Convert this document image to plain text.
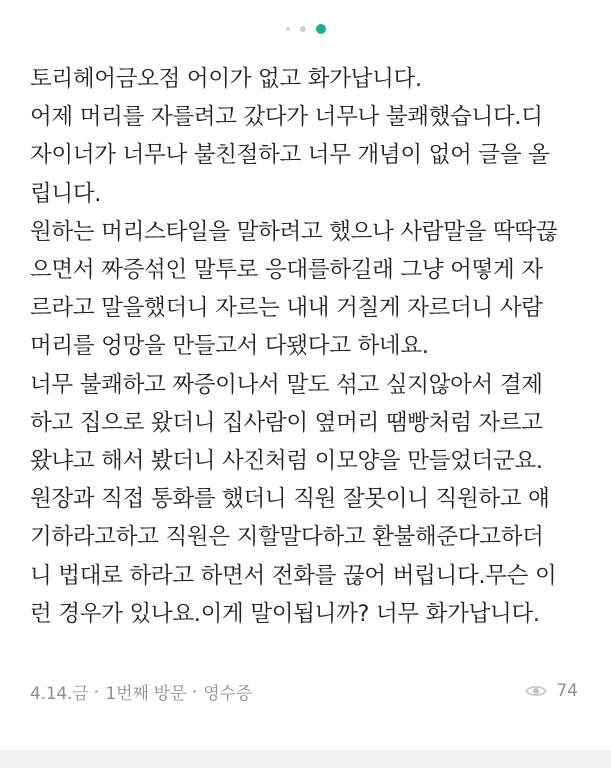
토리헤어금오점 어이가 없고 화가납니다.
어제 머리를 자를려고 갔다가 너무나 불쾌했습니다.디
자이너가 너무나 불친절하고 너무 개념이 없어 글을 올
립니다.
원하는 머리스타일을 말하려고 했으나 사람말을 딱딱끊
으면서 짜증섞인 말투로 응대를하길래 그냥 어떻게 자
르라고 말을했더니 자르는 내내 거칠게 자르더니 사람
머리를 엉망을 만들고서 다됐다고 하네요.
너무 불쾌하고 짜증이나서 말도 섞고 싶지않아서 결제
하고 집으로 왔더니 집사람이 옆머리 땜빵처럼 자르고
왔냐고 해서 봤더니 사진처럼 이모양을 만들었더군요.
원장과 직접 통화를 했더니 직원 잘못이니 직원하고 얘
기하라고하고 직원은 지할말다하고 환불해준다고하더
니 법대로 하라고 하면서 전화를 끊어 버립니다.무슨 이
런 경우가 있나요.이게 말이됩니까? 너무 화가납니다.

4.14.금 1번째 방문 영수증	74
